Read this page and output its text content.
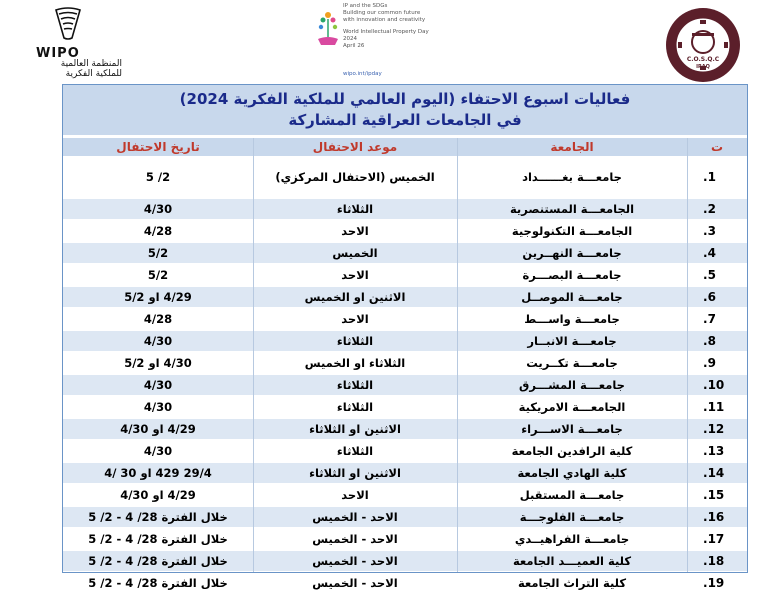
WIPO
المنظمة العالمية
للملكية الفكرية
IP and the SDGs
Building our common future
with innovation and creativity
World Intellectual Property Day
2024
April 26
wipo.int/ipday
C.O.S.Q.C
IRAQ
فعاليات اسبوع الاحتفاء (اليوم العالمي للملكية الفكرية 2024)
في الجامعات العراقية المشاركة
تاريخ الاحتفال	موعد الاحتفال	الجامعة	ت
2/ 5	الخميس (الاحتفال المركزي)	جامعـــة بغــــــداد	1.
4/30	الثلاثاء	الجامعـــة المستنصرية	2.
4/28	الاحد	الجامعـــة التكنولوجية	3.
5/2	الخميس	جامعـــة النهــرين	4.
5/2	الاحد	جامعـــة البصـــرة	5.
4/29 او 5/2	الاثنين او الخميس	جامعـــة الموصــل	6.
4/28	الاحد	جامعـــة واســـط	7.
4/30	الثلاثاء	جامعـــة الانبــار	8.
4/30 او 5/2	الثلاثاء او الخميس	جامعـــة تكــريت	9.
4/30	الثلاثاء	جامعـــة المشـــرق	10.
4/30	الثلاثاء	الجامعـــة الامريكية	11.
4/29 او 4/30	الاثنين او الثلاثاء	جامعـــة الاســـراء	12.
4/30	الثلاثاء	كلية الرافدين الجامعة	13.
29/4 429 او 30 /4	الاثنين او الثلاثاء	كلية الهادي الجامعة	14.
4/29 او 4/30	الاحد	جامعـــة المستقبل	15.
خلال الفترة 28/ 4 - 2/ 5	الاحد - الخميس	جامعـــة الفلوجـــة	16.
خلال الفترة 28/ 4 - 2/ 5	الاحد - الخميس	جامعـــة الفراهيــدي	17.
خلال الفترة 28/ 4 - 2/ 5	الاحد - الخميس	كلية العميـــد الجامعة	18.
خلال الفترة 28/ 4 - 2/ 5	الاحد - الخميس	كلية التراث الجامعة	19.
